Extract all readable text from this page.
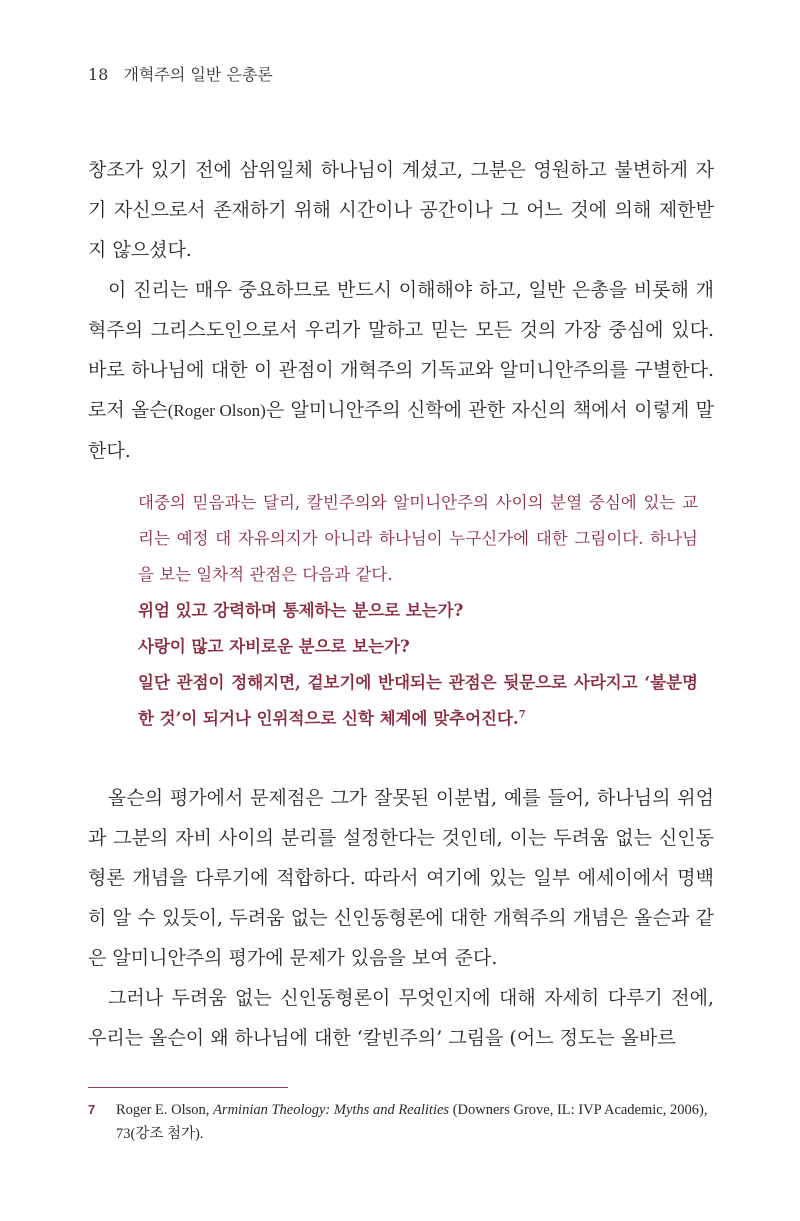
18 개혁주의 일반 은총론

창조가 있기 전에 삼위일체 하나님이 계셨고, 그분은 영원하고 불변하게 자기 자신으로서 존재하기 위해 시간이나 공간이나 그 어느 것에 의해 제한받지 않으셨다.

이 진리는 매우 중요하므로 반드시 이해해야 하고, 일반 은총을 비롯해 개혁주의 그리스도인으로서 우리가 말하고 믿는 모든 것의 가장 중심에 있다. 바로 하나님에 대한 이 관점이 개혁주의 기독교와 알미니안주의를 구별한다. 로저 올슨(Roger Olson)은 알미니안주의 신학에 관한 자신의 책에서 이렇게 말한다.

대중의 믿음과는 달리, 칼빈주의와 알미니안주의 사이의 분열 중심에 있는 교리는 예정 대 자유의지가 아니라 하나님이 누구신가에 대한 그림이다. 하나님을 보는 일차적 관점은 다음과 같다.

위엄 있고 강력하며 통제하는 분으로 보는가?

사랑이 많고 자비로운 분으로 보는가?

일단 관점이 정해지면, 겉보기에 반대되는 관점은 뒷문으로 사라지고 ‘불분명한 것’이 되거나 인위적으로 신학 체계에 맞추어진다.$^7$

올슨의 평가에서 문제점은 그가 잘못된 이분법, 예를 들어, 하나님의 위엄과 그분의 자비 사이의 분리를 설정한다는 것인데, 이는 두려움 없는 신인동형론 개념을 다루기에 적합하다. 따라서 여기에 있는 일부 에세이에서 명백히 알 수 있듯이, 두려움 없는 신인동형론에 대한 개혁주의 개념은 올슨과 같은 알미니안주의 평가에 문제가 있음을 보여 준다.

그러나 두려움 없는 신인동형론이 무엇인지에 대해 자세히 다루기 전에, 우리는 올슨이 왜 하나님에 대한 ‘칼빈주의’ 그림을 (어느 정도는 올바르

7 Roger E. Olson, Arminian Theology: Myths and Realities (Downers Grove, IL: IVP Academic, 2006), 73(강조 첨가).
